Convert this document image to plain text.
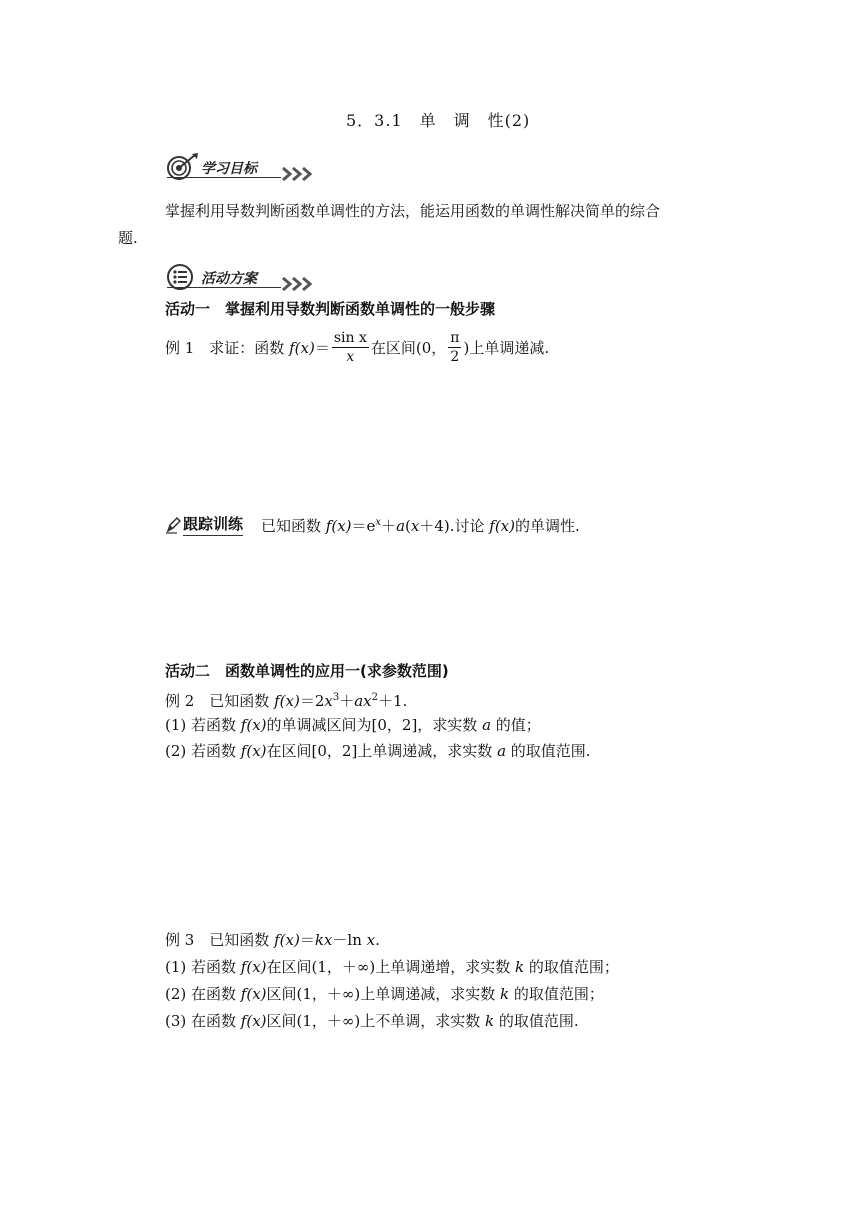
5．3.1　单　调　性(2)
学习目标
掌握利用导数判断函数单调性的方法，能运用函数的单调性解决简单的综合
题.
活动方案
活动一　掌握利用导数判断函数单调性的一般步骤
例 1　求证：函数 $f(x)= \frac{\text{sin x}}{x}$ 在区间(0， $\frac{\pi}{2}$ )上单调递减.
跟踪训练 已知函数 $f(x)=e^x+a(x+4)$.讨论 f(x)的单调性.
活动二　函数单调性的应用一(求参数范围)
例 2　已知函数 $f(x)=2x^3+ax^2+1$.
(1) 若函数 f(x)的单调减区间为[0，2]，求实数 a 的值；
(2) 若函数 f(x)在区间[0，2]上单调递减，求实数 a 的取值范围.
例 3　已知函数 f(x)＝kx－ln x.
(1) 若函数 f(x)在区间(1，＋∞)上单调递增，求实数 k 的取值范围；
(2) 在函数 f(x)区间(1，＋∞)上单调递减，求实数 k 的取值范围；
(3) 在函数 f(x)区间(1，＋∞)上不单调，求实数 k 的取值范围.
